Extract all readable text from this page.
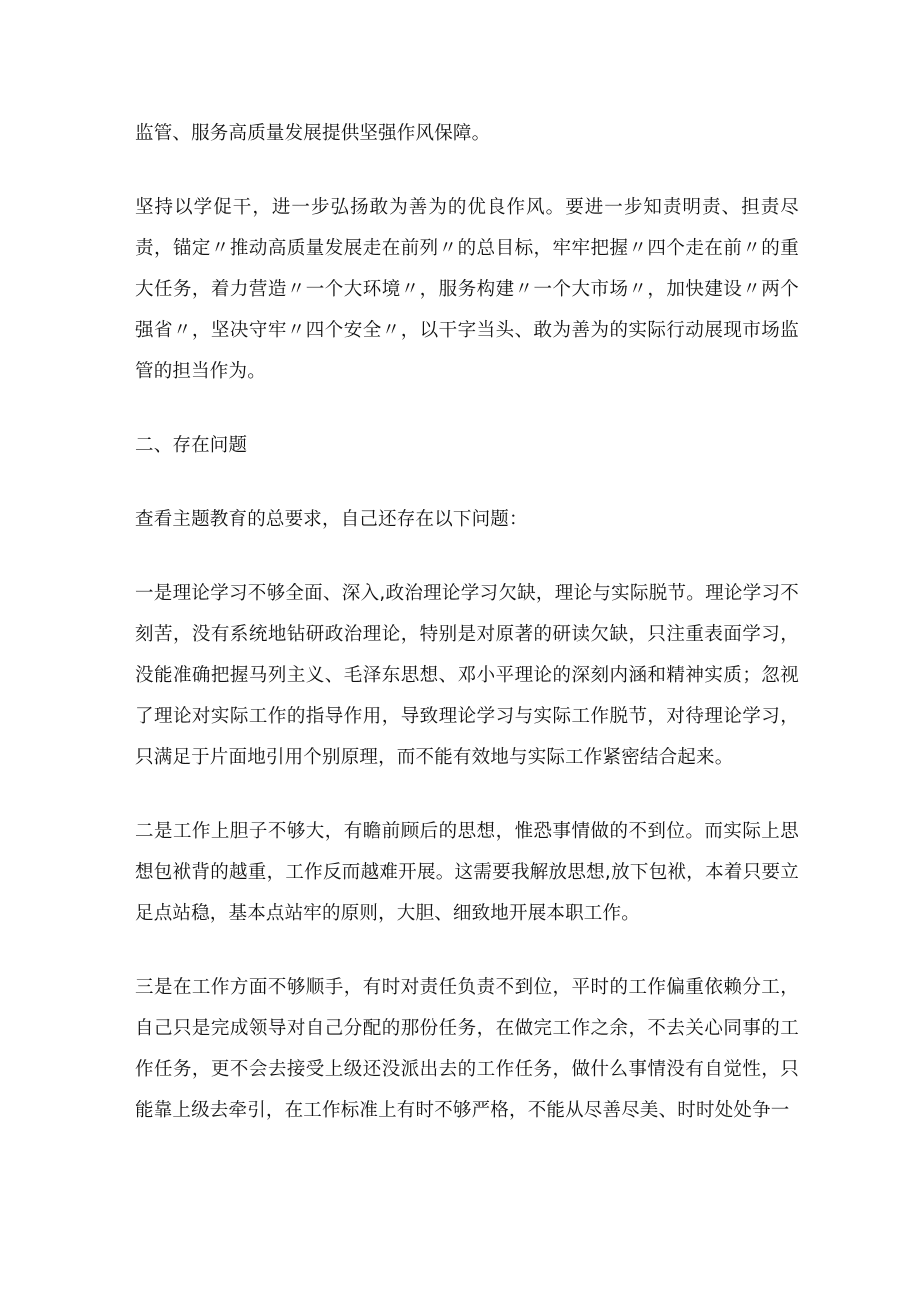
监管、服务高质量发展提供坚强作风保障。

坚持以学促干，进一步弘扬敢为善为的优良作风。要进一步知责明责、担责尽责，锚定〃推动高质量发展走在前列〃的总目标，牢牢把握〃四个走在前〃的重大任务，着力营造〃一个大环境〃，服务构建〃一个大市场〃，加快建设〃两个强省〃，坚决守牢〃四个安全〃，以干字当头、敢为善为的实际行动展现市场监管的担当作为。

二、存在问题

查看主题教育的总要求，自己还存在以下问题：

一是理论学习不够全面、深入,政治理论学习欠缺，理论与实际脱节。理论学习不刻苦，没有系统地钻研政治理论，特别是对原著的研读欠缺，只注重表面学习，没能准确把握马列主义、毛泽东思想、邓小平理论的深刻内涵和精神实质；忽视了理论对实际工作的指导作用，导致理论学习与实际工作脱节，对待理论学习，只满足于片面地引用个别原理，而不能有效地与实际工作紧密结合起来。

二是工作上胆子不够大，有瞻前顾后的思想，惟恐事情做的不到位。而实际上思想包袱背的越重，工作反而越难开展。这需要我解放思想,放下包袱，本着只要立足点站稳，基本点站牢的原则，大胆、细致地开展本职工作。

三是在工作方面不够顺手，有时对责任负责不到位，平时的工作偏重依赖分工，自己只是完成领导对自己分配的那份任务，在做完工作之余，不去关心同事的工作任务，更不会去接受上级还没派出去的工作任务，做什么事情没有自觉性，只能靠上级去牵引，在工作标准上有时不够严格，不能从尽善尽美、时时处处争一
